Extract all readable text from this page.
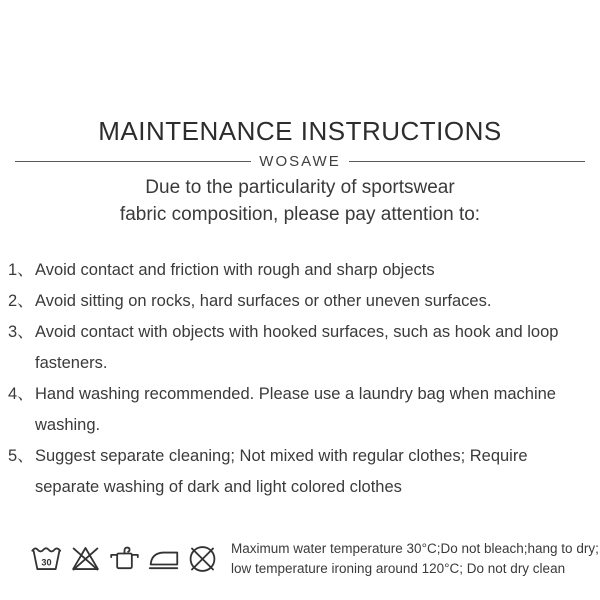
MAINTENANCE INSTRUCTIONS
WOSAWE
Due to the particularity of sportswear
fabric composition, please pay attention to:
1、 Avoid contact and friction with rough and sharp objects
2、 Avoid sitting on rocks, hard surfaces or other uneven surfaces.
3、 Avoid contact with objects with hooked surfaces, such as hook and loop fasteners.
4、 Hand washing recommended. Please use a laundry bag when machine washing.
5、 Suggest separate cleaning; Not mixed with regular clothes; Require separate washing of dark and light colored clothes
30
Maximum water temperature 30°C;Do not bleach;hang to dry;
low temperature ironing around 120°C; Do not dry clean
